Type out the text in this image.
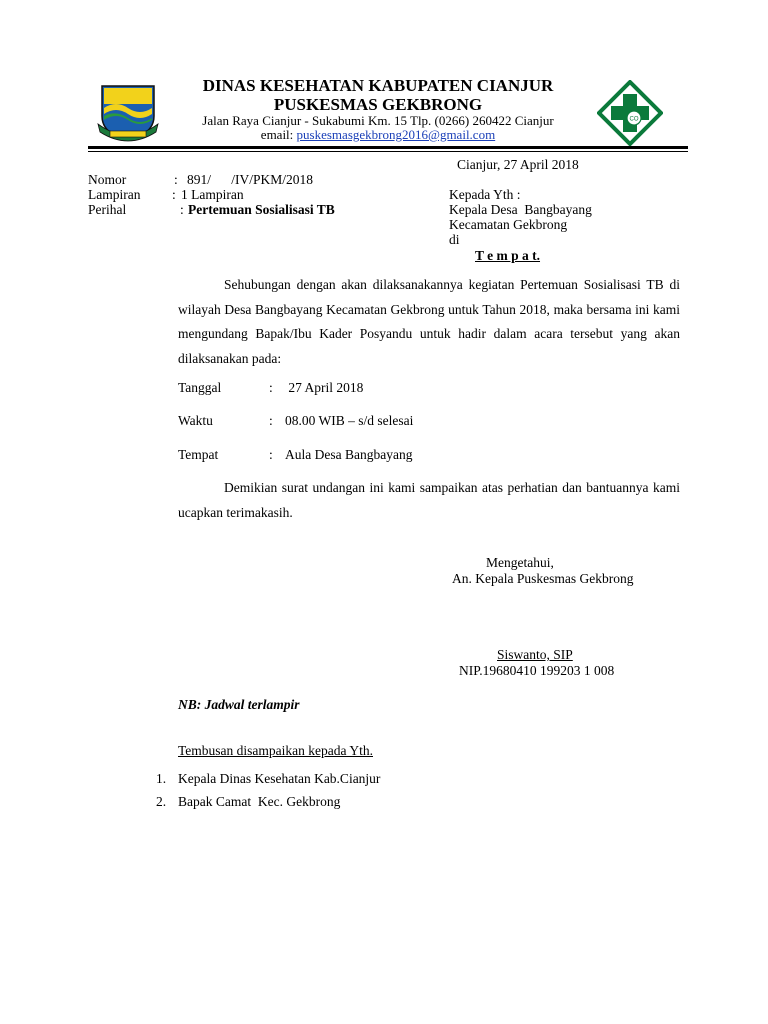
DINAS KESEHATAN KABUPATEN CIANJUR
PUSKESMAS GEKBRONG
Jalan Raya Cianjur - Sukabumi Km. 15 Tlp. (0266) 260422 Cianjur
email: puskesmasgekbrong2016@gmail.com
CO
Cianjur, 27 April 2018
Nomor	: 891/      /IV/PKM/2018
Lampiran : 1 Lampiran
Perihal	: Pertemuan Sosialisasi TB
Kepada Yth :
Kepala Desa  Bangbayang
Kecamatan Gekbrong
di
T e m p a t.
Sehubungan dengan akan dilaksanakannya kegiatan Pertemuan Sosialisasi TB di wilayah Desa Bangbayang Kecamatan Gekbrong untuk Tahun 2018, maka bersama ini kami mengundang Bapak/Ibu Kader Posyandu untuk hadir dalam acara tersebut yang akan dilaksanakan pada:
Tanggal	: 27 April 2018
Waktu	: 08.00 WIB – s/d selesai
Tempat	: Aula Desa Bangbayang
Demikian surat undangan ini kami sampaikan atas perhatian dan bantuannya kami ucapkan terimakasih.
Mengetahui,
An. Kepala Puskesmas Gekbrong
Siswanto, SIP
NIP.19680410 199203 1 008
NB: Jadwal terlampir
Tembusan disampaikan kepada Yth.
1. Kepala Dinas Kesehatan Kab.Cianjur
2. Bapak Camat  Kec. Gekbrong
